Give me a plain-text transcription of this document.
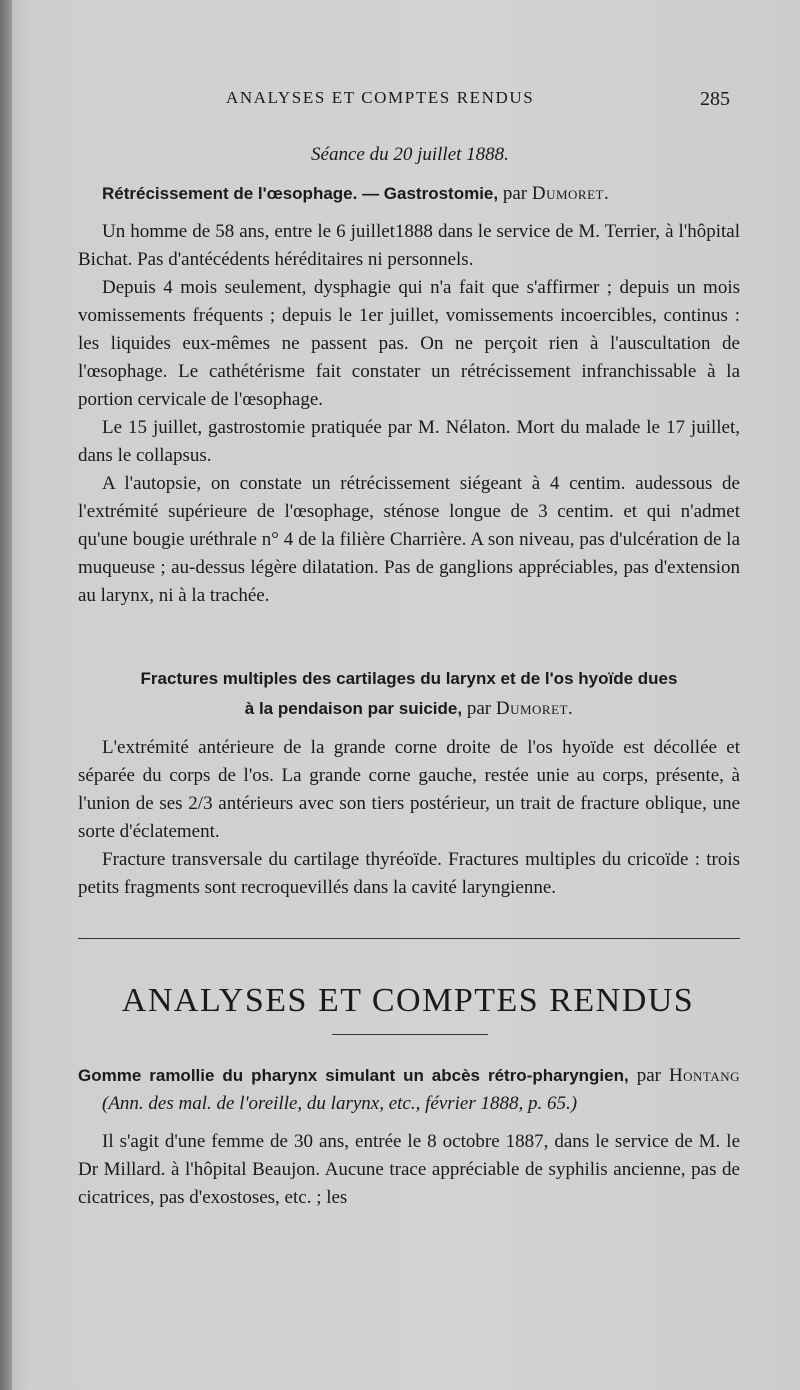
ANALYSES ET COMPTES RENDUS	285
Séance du 20 juillet 1888.

Rétrécissement de l'œsophage. — Gastrostomie, par Dumoret.

Un homme de 58 ans, entre le 6 juillet1888 dans le service de M. Terrier, à l'hôpital Bichat. Pas d'antécédents héréditaires ni personnels.

Depuis 4 mois seulement, dysphagie qui n'a fait que s'affirmer ; depuis un mois vomissements fréquents ; depuis le 1er juillet, vomissements incoercibles, continus : les liquides eux-mêmes ne passent pas. On ne perçoit rien à l'auscultation de l'œsophage. Le cathétérisme fait constater un rétrécissement infranchissable à la portion cervicale de l'œsophage.

Le 15 juillet, gastrostomie pratiquée par M. Nélaton. Mort du malade le 17 juillet, dans le collapsus.

A l'autopsie, on constate un rétrécissement siégeant à 4 centim. audessous de l'extrémité supérieure de l'œsophage, sténose longue de 3 centim. et qui n'admet qu'une bougie uréthrale n° 4 de la filière Charrière. A son niveau, pas d'ulcération de la muqueuse ; au-dessus légère dilatation. Pas de ganglions appréciables, pas d'extension au larynx, ni à la trachée.

Fractures multiples des cartilages du larynx et de l'os hyoïde dues
à la pendaison par suicide, par Dumoret.

L'extrémité antérieure de la grande corne droite de l'os hyoïde est décollée et séparée du corps de l'os. La grande corne gauche, restée unie au corps, présente, à l'union de ses 2/3 antérieurs avec son tiers postérieur, un trait de fracture oblique, une sorte d'éclatement.

Fracture transversale du cartilage thyréoïde. Fractures multiples du cricoïde : trois petits fragments sont recroquevillés dans la cavité laryngienne.

ANALYSES ET COMPTES RENDUS

Gomme ramollie du pharynx simulant un abcès rétro-pharyngien, par Hontang (Ann. des mal. de l'oreille, du larynx, etc., février 1888, p. 65.)

Il s'agit d'une femme de 30 ans, entrée le 8 octobre 1887, dans le service de M. le Dr Millard. à l'hôpital Beaujon. Aucune trace appréciable de syphilis ancienne, pas de cicatrices, pas d'exostoses, etc. ; les
